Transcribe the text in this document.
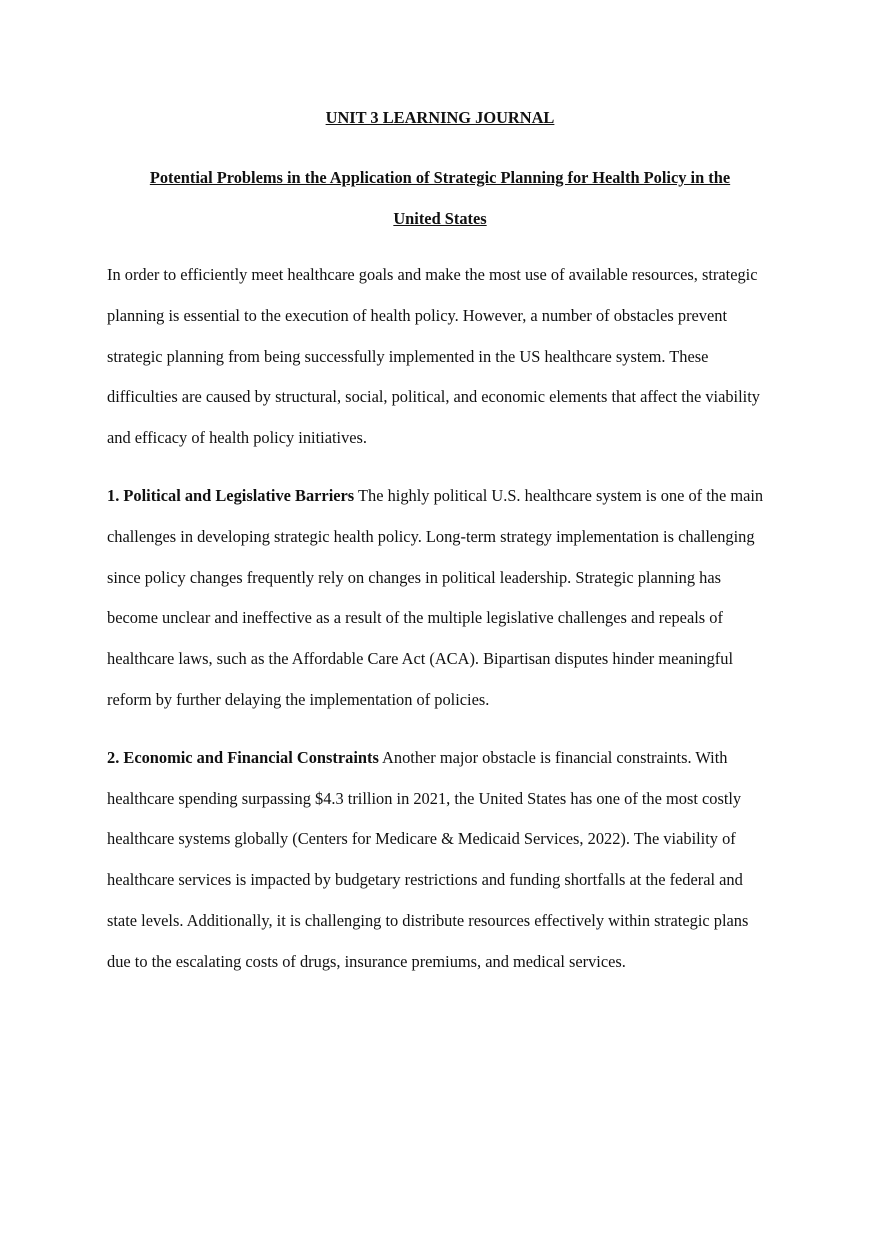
UNIT 3 LEARNING JOURNAL
Potential Problems in the Application of Strategic Planning for Health Policy in the
United States

In order to efficiently meet healthcare goals and make the most use of available resources, strategic planning is essential to the execution of health policy. However, a number of obstacles prevent strategic planning from being successfully implemented in the US healthcare system. These difficulties are caused by structural, social, political, and economic elements that affect the viability and efficacy of health policy initiatives.

1. Political and Legislative Barriers The highly political U.S. healthcare system is one of the main challenges in developing strategic health policy. Long-term strategy implementation is challenging since policy changes frequently rely on changes in political leadership. Strategic planning has become unclear and ineffective as a result of the multiple legislative challenges and repeals of healthcare laws, such as the Affordable Care Act (ACA). Bipartisan disputes hinder meaningful reform by further delaying the implementation of policies.

2. Economic and Financial Constraints Another major obstacle is financial constraints. With healthcare spending surpassing $4.3 trillion in 2021, the United States has one of the most costly healthcare systems globally (Centers for Medicare & Medicaid Services, 2022). The viability of healthcare services is impacted by budgetary restrictions and funding shortfalls at the federal and state levels. Additionally, it is challenging to distribute resources effectively within strategic plans due to the escalating costs of drugs, insurance premiums, and medical services.
